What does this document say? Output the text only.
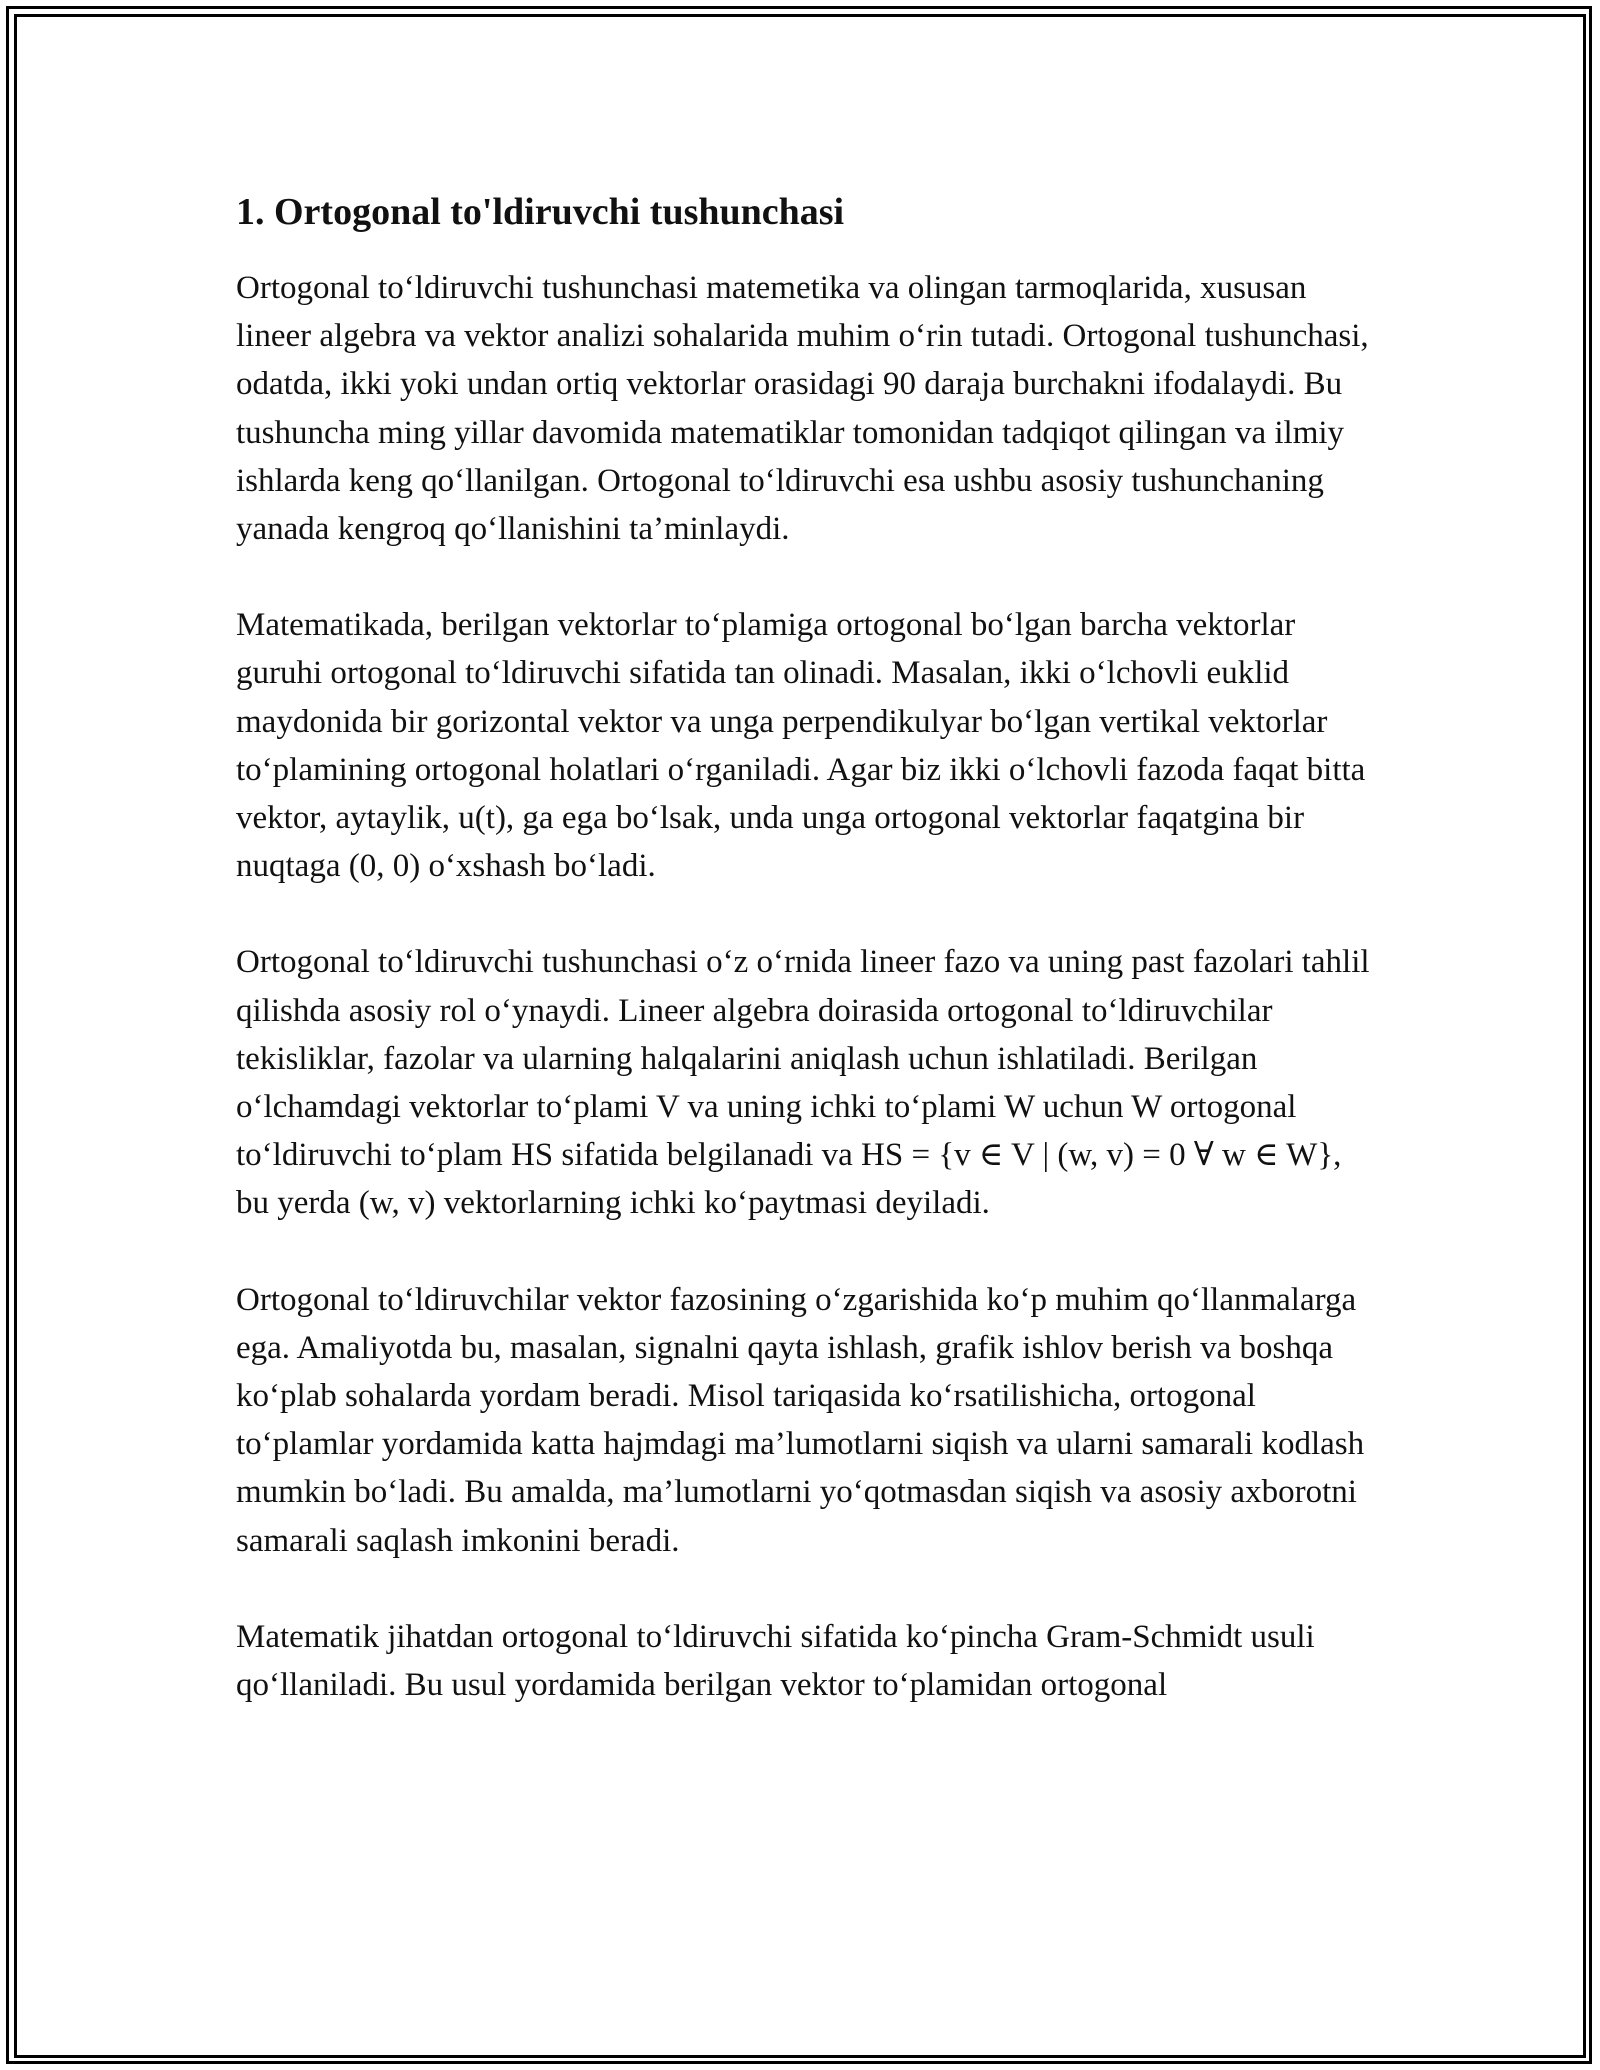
1. Ortogonal to'ldiruvchi tushunchasi

Ortogonal to‘ldiruvchi tushunchasi matemetika va olingan tarmoqlarida, xususan lineer algebra va vektor analizi sohalarida muhim o‘rin tutadi. Ortogonal tushunchasi, odatda, ikki yoki undan ortiq vektorlar orasidagi 90 daraja burchakni ifodalaydi. Bu tushuncha ming yillar davomida matematiklar tomonidan tadqiqot qilingan va ilmiy ishlarda keng qo‘llanilgan. Ortogonal to‘ldiruvchi esa ushbu asosiy tushunchaning yanada kengroq qo‘llanishini ta’minlaydi.

Matematikada, berilgan vektorlar to‘plamiga ortogonal bo‘lgan barcha vektorlar guruhi ortogonal to‘ldiruvchi sifatida tan olinadi. Masalan, ikki o‘lchovli euklid maydonida bir gorizontal vektor va unga perpendikulyar bo‘lgan vertikal vektorlar to‘plamining ortogonal holatlari o‘rganiladi. Agar biz ikki o‘lchovli fazoda faqat bitta vektor, aytaylik, u(t), ga ega bo‘lsak, unda unga ortogonal vektorlar faqatgina bir nuqtaga (0, 0) o‘xshash bo‘ladi.

Ortogonal to‘ldiruvchi tushunchasi o‘z o‘rnida lineer fazo va uning past fazolari tahlil qilishda asosiy rol o‘ynaydi. Lineer algebra doirasida ortogonal to‘ldiruvchilar tekisliklar, fazolar va ularning halqalarini aniqlash uchun ishlatiladi. Berilgan o‘lchamdagi vektorlar to‘plami V va uning ichki to‘plami W uchun W ortogonal to‘ldiruvchi to‘plam HS sifatida belgilanadi va HS = {v ∈ V | (w, v) = 0 ∀ w ∈ W}, bu yerda (w, v) vektorlarning ichki ko‘paytmasi deyiladi.

Ortogonal to‘ldiruvchilar vektor fazosining o‘zgarishida ko‘p muhim qo‘llanmalarga ega. Amaliyotda bu, masalan, signalni qayta ishlash, grafik ishlov berish va boshqa ko‘plab sohalarda yordam beradi. Misol tariqasida ko‘rsatilishicha, ortogonal to‘plamlar yordamida katta hajmdagi ma’lumotlarni siqish va ularni samarali kodlash mumkin bo‘ladi. Bu amalda, ma’lumotlarni yo‘qotmasdan siqish va asosiy axborotni samarali saqlash imkonini beradi.

Matematik jihatdan ortogonal to‘ldiruvchi sifatida ko‘pincha Gram-Schmidt usuli qo‘llaniladi. Bu usul yordamida berilgan vektor to‘plamidan ortogonal
